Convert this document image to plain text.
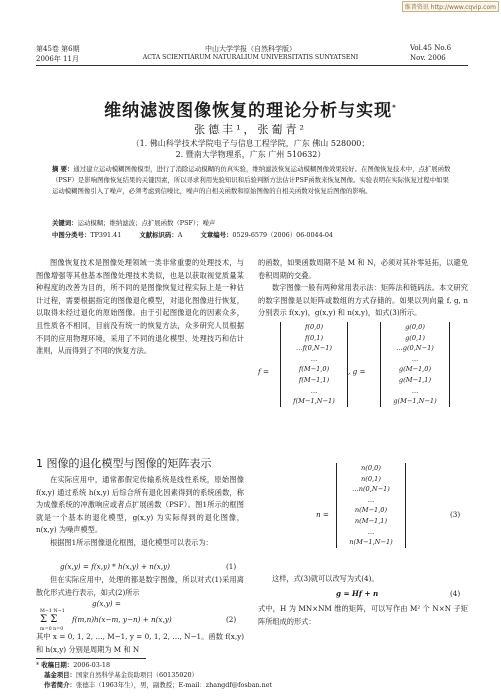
维普资讯 http://www.cqvip.com
第45卷 第6期
2006年 11月
中山大学学报（自然科学版）
ACTA SCIENTIARUM NATURALIUM UNIVERSITATIS SUNYATSENI
Vol.45 No.6
Nov. 2006
维纳滤波图像恢复的理论分析与实现*
张德丰¹，张葡青²
（1. 佛山科学技术学院电子与信息工程学院，广东 佛山 528000；
2. 暨南大学物理系，广东 广州 510632）
摘 要：通过建立运动模糊图像模型，进行了消除运动模糊的仿真实验，维纳滤波恢复运动模糊图像效果较好。在图像恢复技术中，点扩展函数（PSF）是影响图像恢复结果的关键因素，所以寻求利用先验知识和后验判断方法估计PSF函数来恢复图像。实验表明在实际恢复过程中如果运动模糊图像引入了噪声，必须考虑到信噪比，噪声的自相关函数和原始图像的自相关函数对恢复后图像的影响。
关键词：运动模糊；维纳滤波；点扩展函数（PSF）；噪声
中图分类号：TP391.41	文献标识码：A	文章编号：0529-6579（2006）06-0044-04

图像恢复技术是图像处理领域一类非常重要的处理技术，与图像增强等其他基本图像处理技术类似，也是以获取视觉质量某种程度的改善为目的，所不同的是图像恢复过程实际上是一种估计过程，需要根据指定的图像退化模型，对退化图像进行恢复，以取得未经过退化的原始图像。由于引起图像退化的因素众多，且性质各不相同，目前没有统一的恢复方法，众多研究人员根据不同的应用物理环境，采用了不同的退化模型、处理技巧和估计准则，从而得到了不同的恢复方法。

1 图像的退化模型与图像的矩阵表示

在实际应用中，通常都假定传输系统是线性系统，原始图像 f(x,y) 通过系统 h(x,y) 后综合所有退化因素得到的系统函数，称为成像系统的冲激响应或者点扩展函数（PSF）。图1所示的框图就是一个基本的退化模型，g(x,y) 为实际得到的退化图像，n(x,y) 为噪声模型。

根据图1所示图像退化框图，退化模型可以表示为：

g(x,y) = f(x,y) * h(x,y) + n(x,y)	(1)

但在实际应用中，处理的都是数字图像，所以对式(1)采用离散化形式进行表示，如式(2)所示

g(x,y) =
M−1 N−1
Σ Σ
m=0 n=0
f(m,n)h(x−m, y−n) + n(x,y)	(2)

其中 x = 0, 1, 2, …, M−1, y = 0, 1, 2, …, N−1。函数 f(x,y) 和 h(x,y) 分别是周期为 M 和 N

* 收稿日期：2006-03-18
基金项目：国家自然科学基金资助项目（60135020）
作者简介：张德丰（1963年生），男，副教授；E-mail：zhangdf@fosban.net

的函数，如果函数周期不是 M 和 N，必须对其补零延拓，以避免卷积周期的交叠。

数字图像一般有两种常用表示法：矩阵法和链码法。本文研究的数字图像是以矩阵或数组的方式存储的。如果以列向量 f, g, n 分别表示 f(x,y)，g(x,y) 和 n(x,y)，如式(3)所示。

f =
f(0,0)
f(0,1)
…f(0,N−1)
…
f(M−1,0)
f(M−1,1)
…
f(M−1,N−1)
, g =
g(0,0)
g(0,1)
…g(0,N−1)
…
g(M−1,0)
g(M−1,1)
…
g(M−1,N−1)
n =
n(0,0)
n(0,1)
…n(0,N−1)
…
n(M−1,0)
n(M−1,1)
…
n(M−1,N−1)
(3)

这样，式(3)就可以改写为式(4)。

g = Hf + n	(4)

式中，H 为 MN×NM 维的矩阵，可以写作由 M² 个 N×N 子矩阵所组成的形式：
